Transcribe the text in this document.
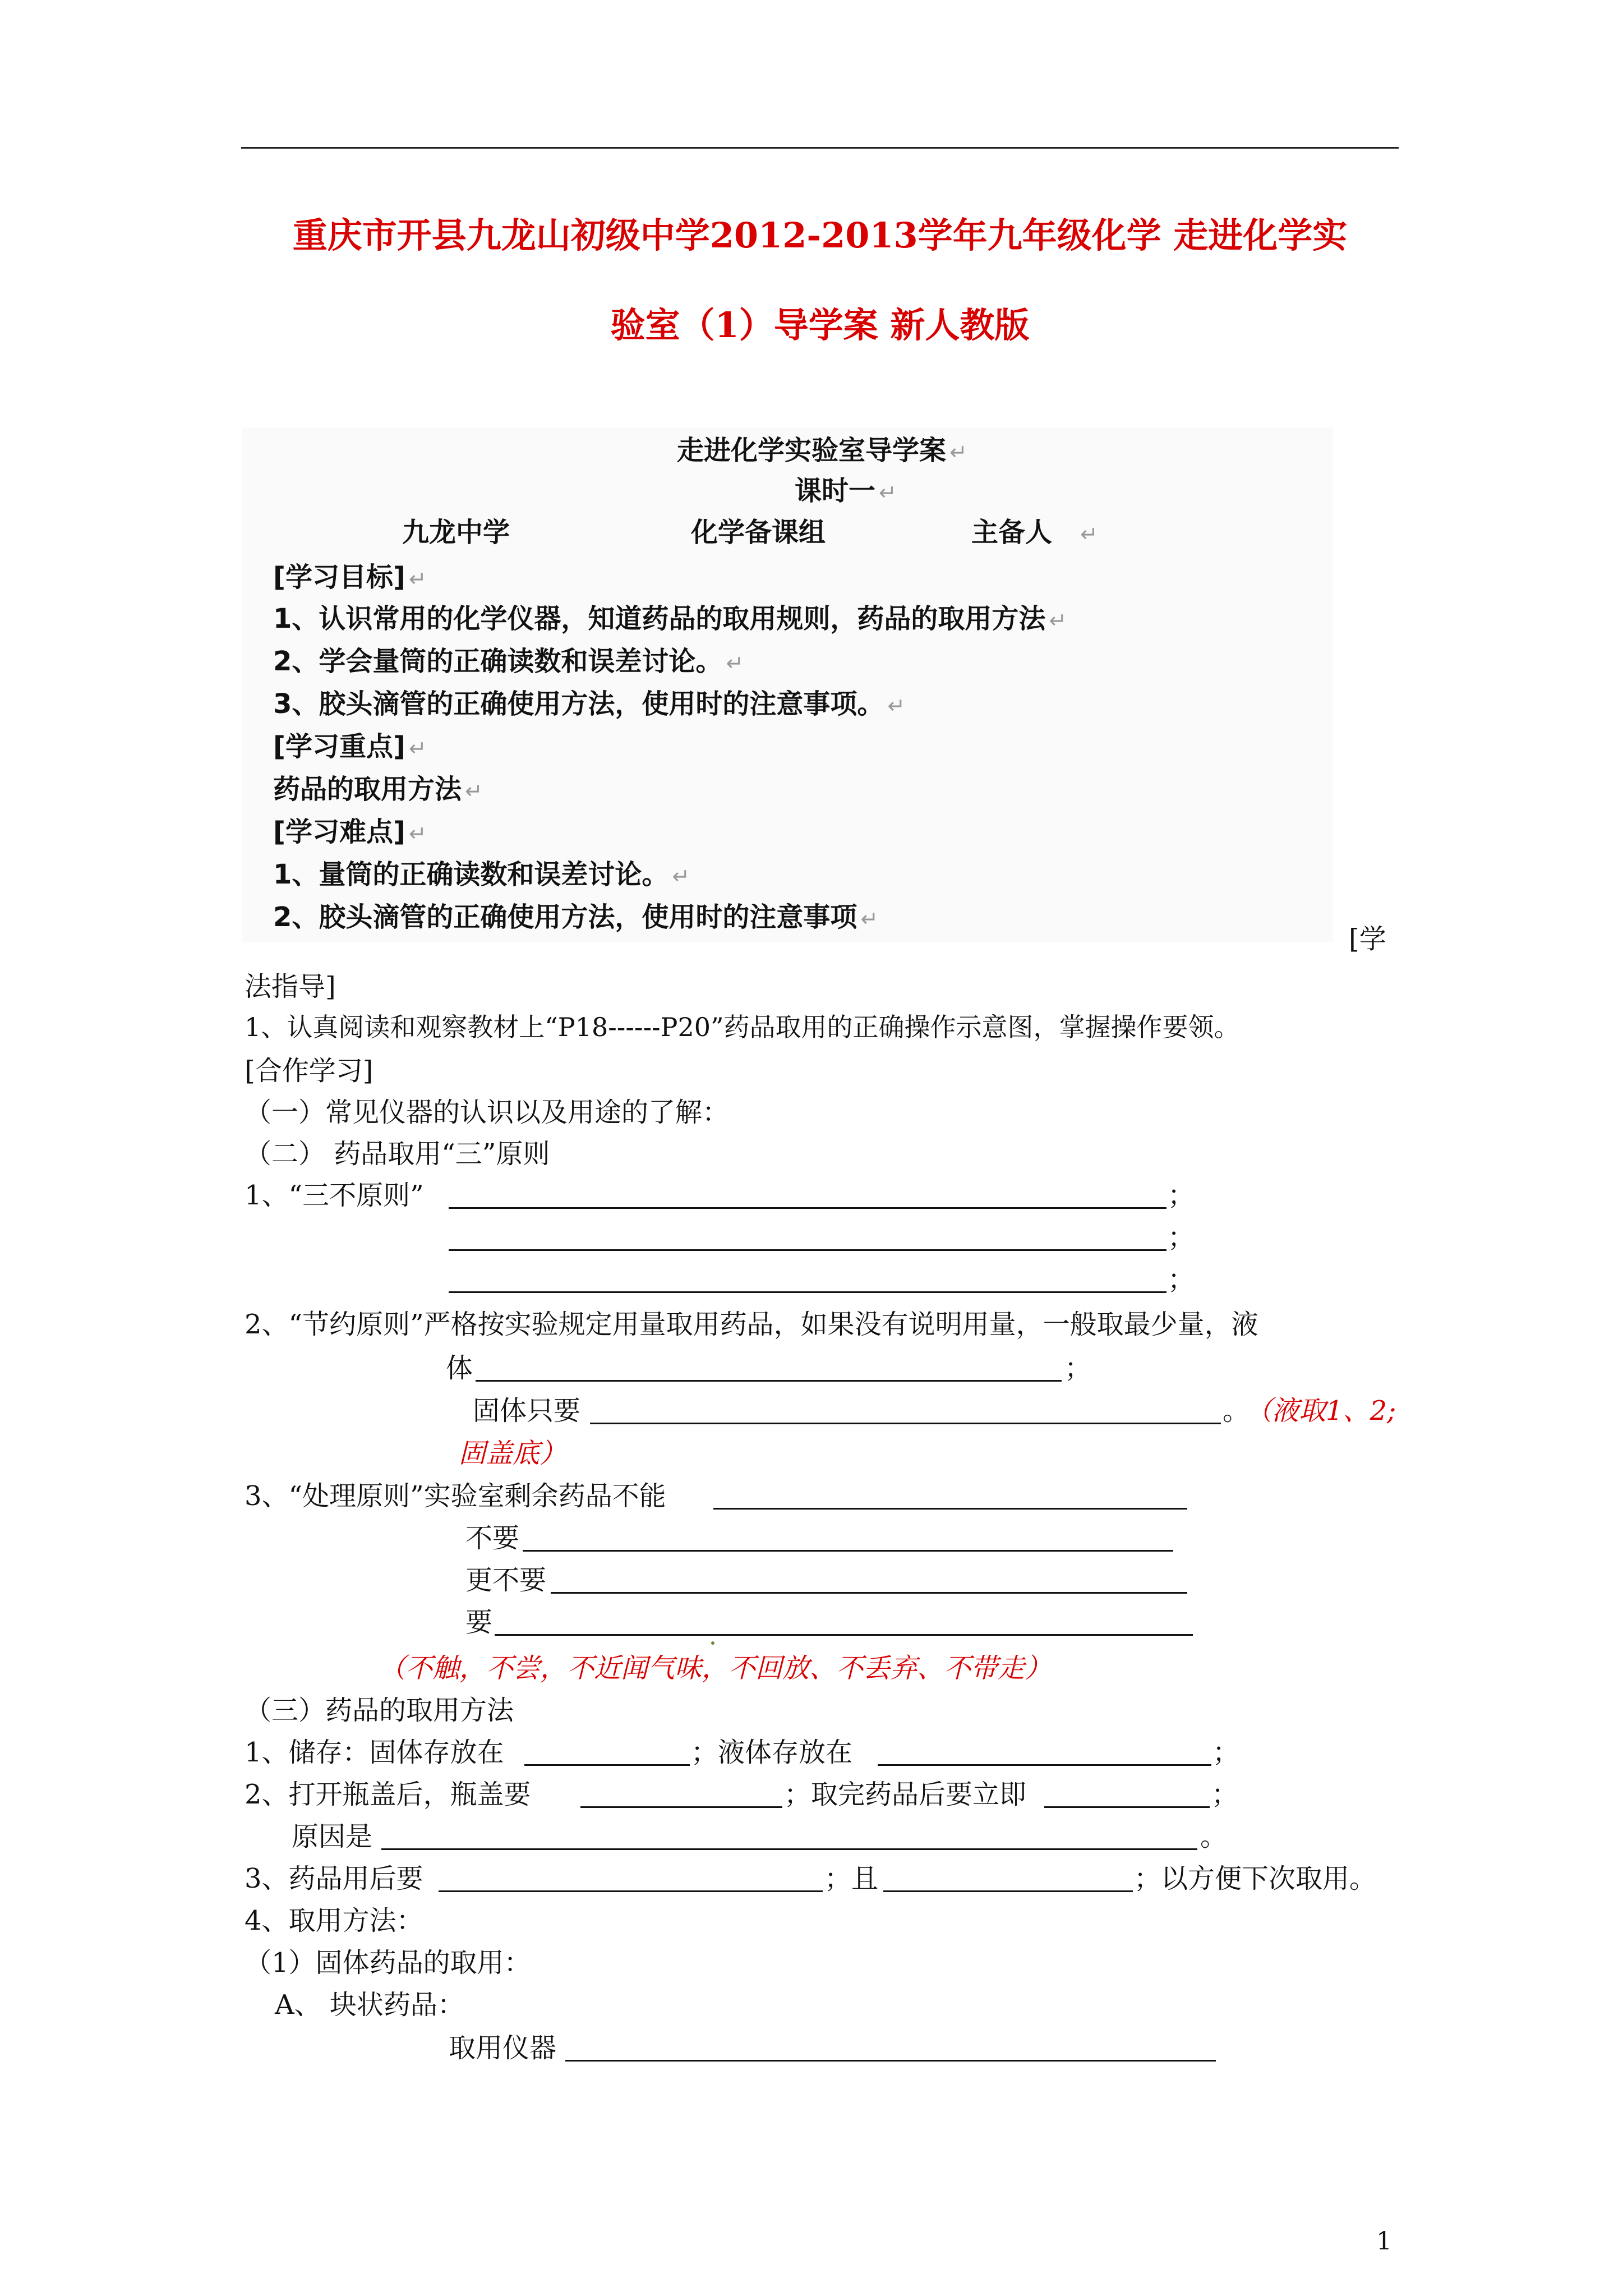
重庆市开县九龙山初级中学2012-2013学年九年级化学 走进化学实
验室（1）导学案 新人教版
走进化学实验室导学案 ↵
课时一 ↵
九龙中学	化学备课组	主备人 ↵
[学习目标] ↵
1、认识常用的化学仪器，知道药品的取用规则，药品的取用方法 ↵
2、学会量筒的正确读数和误差讨论。 ↵
3、胶头滴管的正确使用方法，使用时的注意事项。 ↵
[学习重点] ↵
药品的取用方法 ↵
[学习难点] ↵
1、量筒的正确读数和误差讨论。 ↵
2、胶头滴管的正确使用方法，使用时的注意事项 ↵
[学
法指导]
1、认真阅读和观察教材上“P18------P20”药品取用的正确操作示意图，掌握操作要领。
[合作学习]
（一）常见仪器的认识以及用途的了解：
（二） 药品取用“三”原则
1、“三不原则”	；
；
；
2、“节约原则”严格按实验规定用量取用药品，如果没有说明用量，一般取最少量，液
体	；
固体只要	。
（液取1、2;
固盖底）
3、“处理原则”实验室剩余药品不能
不要
更不要
要
（不触，不尝，不近闻气味，不回放、不丢弃、不带走）
（三）药品的取用方法
1、储存：固体存放在	；液体存放在	；
2、打开瓶盖后，瓶盖要	；取完药品后要立即	；
原因是	。
3、药品用后要	；且	；以方便下次取用。
4、取用方法：
（1）固体药品的取用：
A、 块状药品：
取用仪器
1
